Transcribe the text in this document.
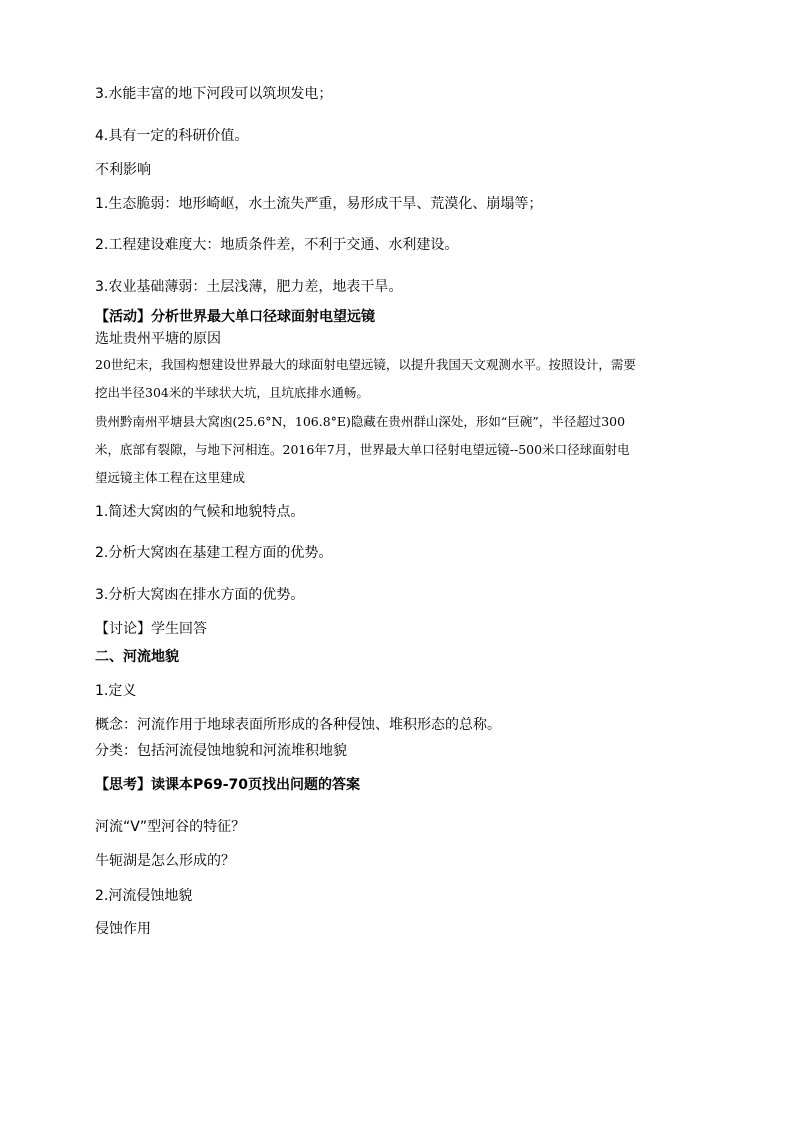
3.水能丰富的地下河段可以筑坝发电；
4.具有一定的科研价值。
不利影响
1.生态脆弱：地形崎岖，水土流失严重，易形成干旱、荒漠化、崩塌等；
2.工程建设难度大：地质条件差，不利于交通、水利建设。
3.农业基础薄弱：土层浅薄，肥力差，地表干旱。
【活动】分析世界最大单口径球面射电望远镜
选址贵州平塘的原因
20世纪末，我国构想建设世界最大的球面射电望远镜，以提升我国天文观测水平。按照设计，需要
挖出半径304米的半球状大坑，且坑底排水通畅。
贵州黔南州平塘县大窝凼(25.6°N，106.8°E)隐藏在贵州群山深处，形如“巨碗”，半径超过300
米，底部有裂隙，与地下河相连。2016年7月，世界最大单口径射电望远镜--500米口径球面射电
望远镜主体工程在这里建成
1.简述大窝凼的气候和地貌特点。
2.分析大窝凼在基建工程方面的优势。
3.分析大窝凼在排水方面的优势。
【讨论】学生回答
二、河流地貌
1.定义
概念：河流作用于地球表面所形成的各种侵蚀、堆积形态的总称。
分类：包括河流侵蚀地貌和河流堆积地貌
【思考】读课本P69-70页找出问题的答案
河流“V”型河谷的特征？
牛轭湖是怎么形成的？
2.河流侵蚀地貌
侵蚀作用
